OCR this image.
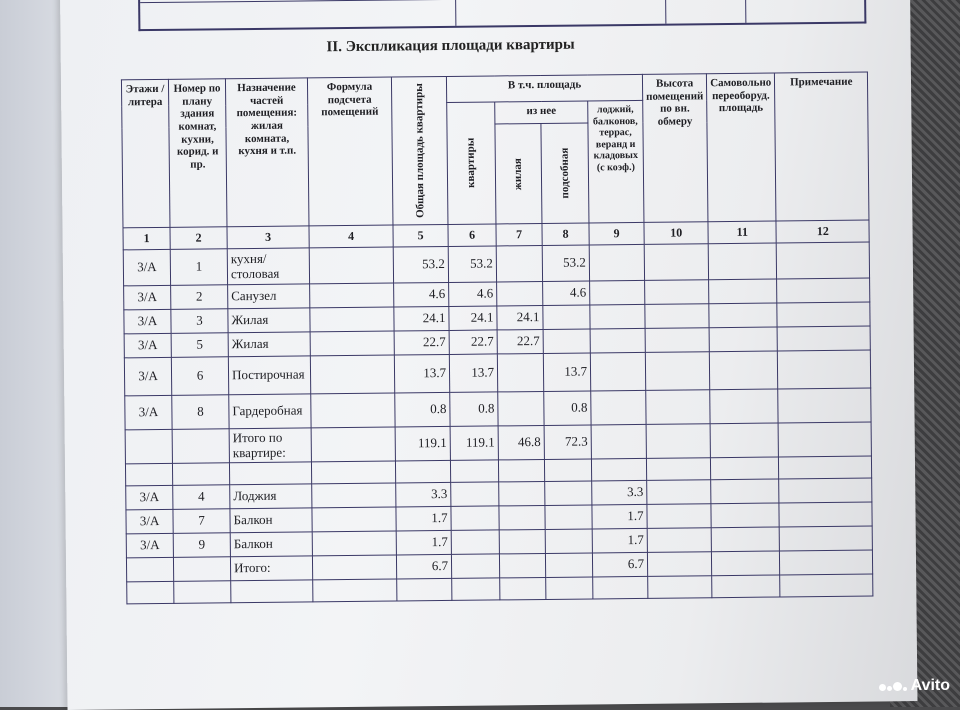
II. Экспликация площади квартиры
Этажи / литера	Номер по плану здания комнат, кухни, корид. и пр.	Назначение частей помещения: жилая комната, кухня и т.п.	Формула подсчета помещений	Общая площадь квартиры	В т.ч. площадь				Высота помещений по вн. обмеру	Самовольно переоборуд. площадь	Примечание

					квартиры	из нее		лоджий, балконов, террас, веранд и кладовых (с коэф.)			

						жилая	подсобная				

1	2	3	4	5	6	7	8	9	10	11	12
3/А	1	кухня/столовая		53.2	53.2		53.2				
3/А	2	Санузел		4.6	4.6		4.6				
3/А	3	Жилая		24.1	24.1	24.1					
3/А	5	Жилая		22.7	22.7	22.7					
3/А	6	Постирочная		13.7	13.7		13.7				
3/А	8	Гардеробная		0.8	0.8		0.8				
		Итого по квартире:		119.1	119.1	46.8	72.3				

3/А	4	Лоджия		3.3				3.3			
3/А	7	Балкон		1.7				1.7			
3/А	9	Балкон		1.7				1.7			
		Итого:		6.7				6.7			

Avito
